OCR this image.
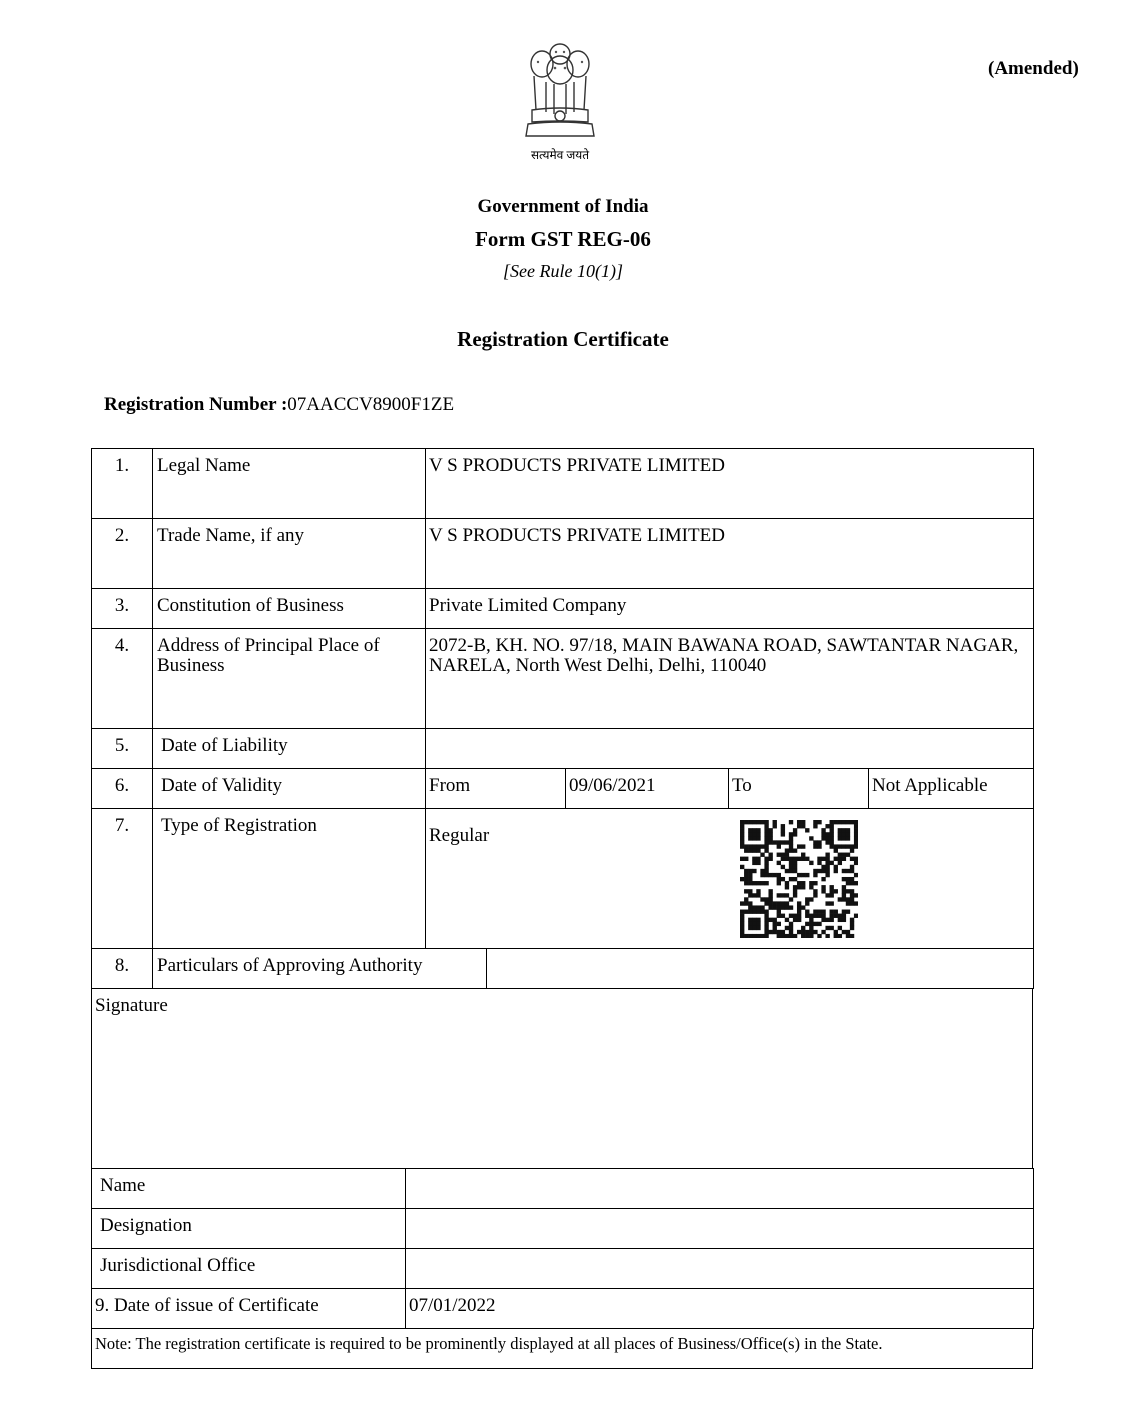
(Amended)
सत्यमेव जयते
Government of India
Form GST REG-06
[See Rule 10(1)]
Registration Certificate
Registration Number :07AACCV8900F1ZE
1.	Legal Name	V S PRODUCTS PRIVATE LIMITED			
2.	Trade Name, if any	V S PRODUCTS PRIVATE LIMITED			
3.	Constitution of Business	Private Limited Company			
4.	Address of Principal Place of Business	2072-B, KH. NO. 97/18, MAIN BAWANA ROAD, SAWTANTAR NAGAR, NARELA, North West Delhi, Delhi, 110040			
5.	Date of Liability				
6.	Date of Validity	From	09/06/2021	To	Not Applicable
7.	Type of Registration	Regular			
8.	Particulars of Approving Authority	
Signature
Name	
Designation	
Jurisdictional Office	
9. Date of issue of Certificate	07/01/2022
Note: The registration certificate is required to be prominently displayed at all places of Business/Office(s) in the State.
